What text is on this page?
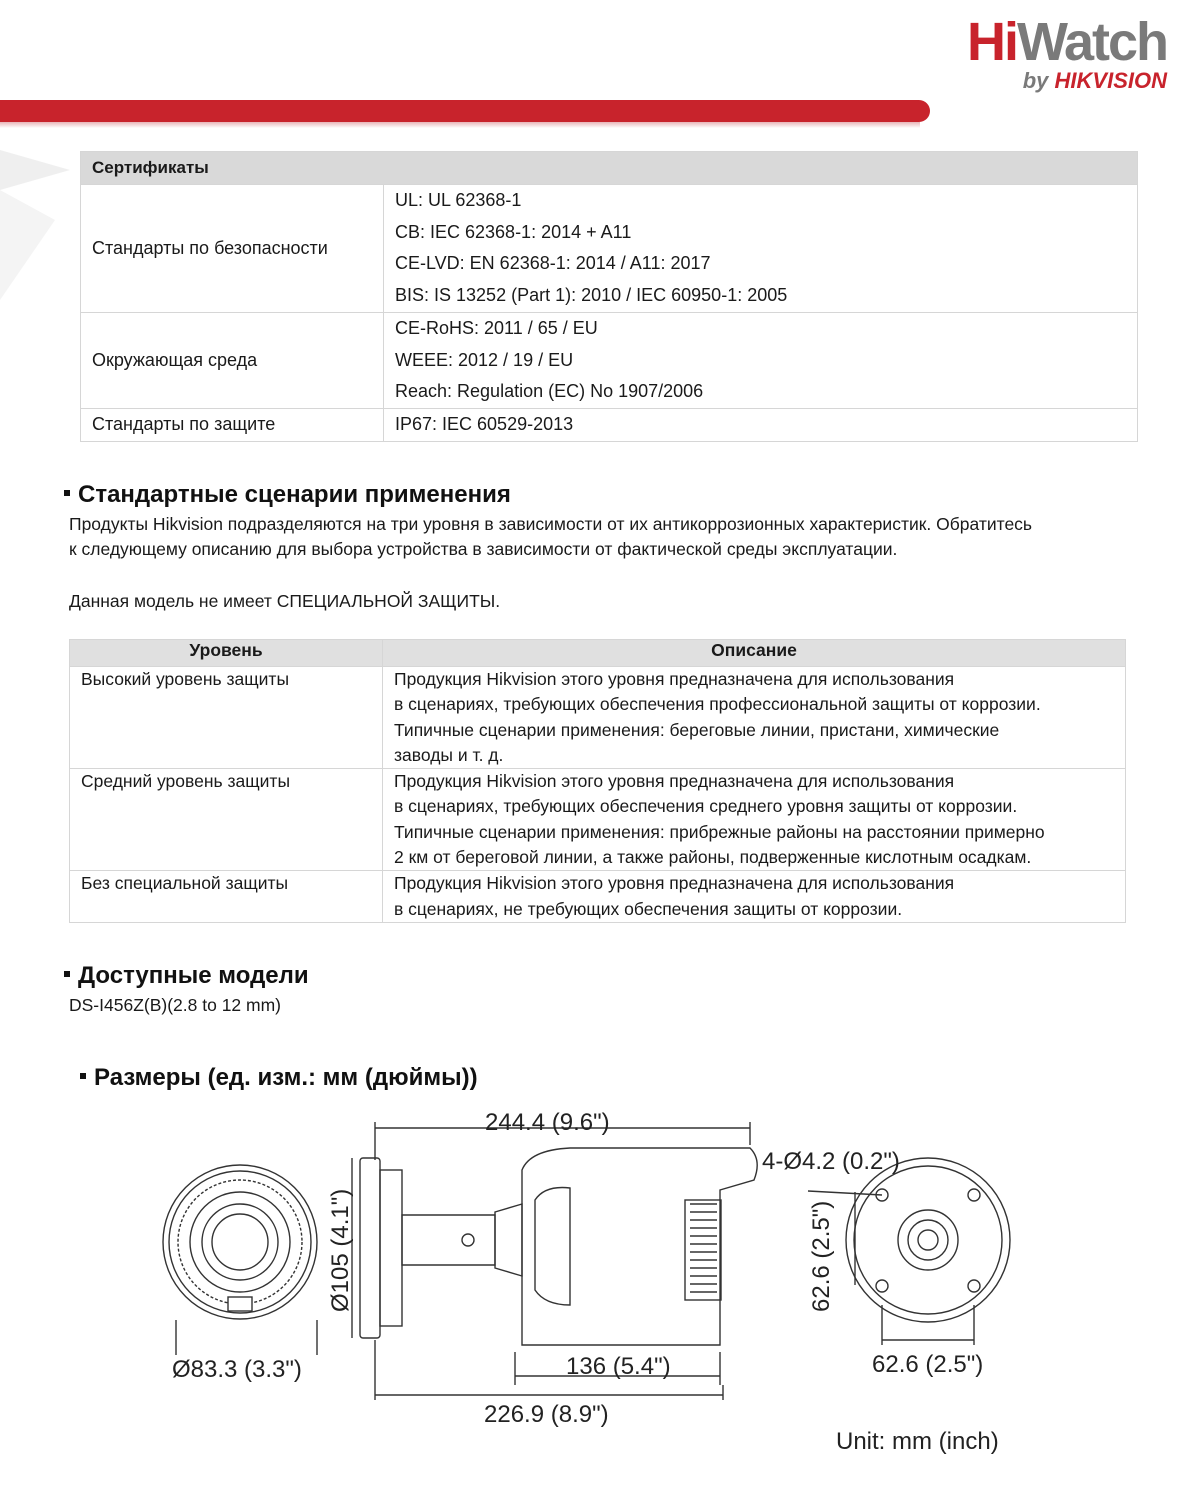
HiWatch
by HIKVISION
Сертификаты	
Стандарты по безопасности	UL: UL 62368-1
CB: IEC 62368-1: 2014 + A11
CE-LVD: EN 62368-1: 2014 / A11: 2017
BIS: IS 13252 (Part 1): 2010 / IEC 60950-1: 2005

Окружающая среда	CE-RoHS: 2011 / 65 / EU
WEEE: 2012 / 19 / EU
Reach: Regulation (EC) No 1907/2006

Стандарты по защите	IP67: IEC 60529-2013
Стандартные сценарии применения

Продукты Hikvision подразделяются на три уровня в зависимости от их антикоррозионных характеристик. Обратитесь
к следующему описанию для выбора устройства в зависимости от фактической среды эксплуатации.

Данная модель не имеет СПЕЦИАЛЬНОЙ ЗАЩИТЫ.

Уровень	Описание
Высокий уровень защиты	Продукция Hikvision этого уровня предназначена для использования
в сценариях, требующих обеспечения профессиональной защиты от коррозии.
Типичные сценарии применения: береговые линии, пристани, химические
заводы и т. д.

Средний уровень защиты	Продукция Hikvision этого уровня предназначена для использования
в сценариях, требующих обеспечения среднего уровня защиты от коррозии.
Типичные сценарии применения: прибрежные районы на расстоянии примерно
2 км от береговой линии, а также районы, подверженные кислотным осадкам.

Без специальной защиты	Продукция Hikvision этого уровня предназначена для использования
в сценариях, не требующих обеспечения защиты от коррозии.
Доступные модели

DS-I456Z(B)(2.8 to 12 mm)

Размеры (ед. изм.: мм (дюймы))
Ø83.3 (3.3")
244.4 (9.6")
Ø105 (4.1")
136 (5.4")
226.9 (8.9")
62.6 (2.5")
62.6 (2.5")
4-Ø4.2 (0.2")
Unit: mm (inch)
